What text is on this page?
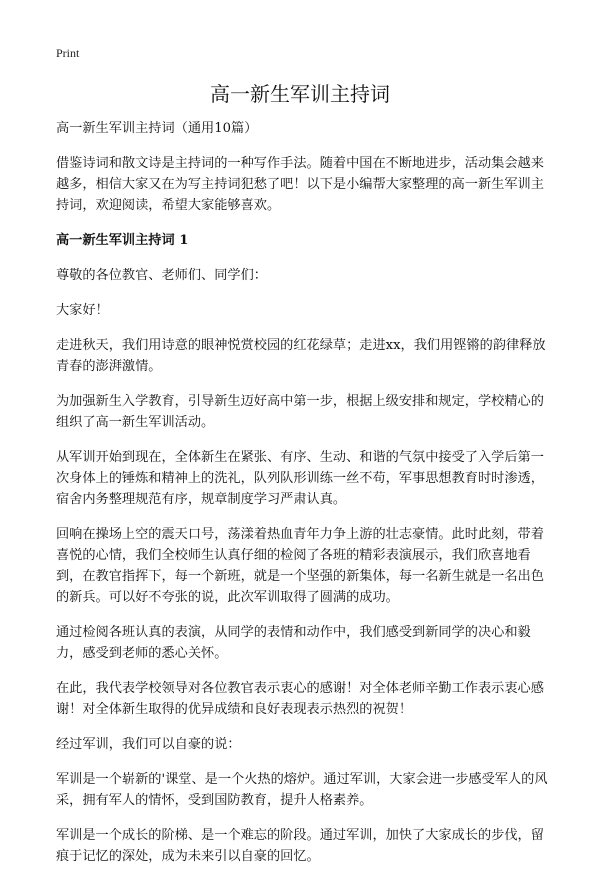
Print
高一新生军训主持词

高一新生军训主持词（通用10篇）

借鉴诗词和散文诗是主持词的一种写作手法。随着中国在不断地进步，活动集会越来越多，相信大家又在为写主持词犯愁了吧！以下是小编帮大家整理的高一新生军训主持词，欢迎阅读，希望大家能够喜欢。

高一新生军训主持词 1

尊敬的各位教官、老师们、同学们：

大家好！

走进秋天，我们用诗意的眼神悦赏校园的红花绿草；走进xx，我们用铿锵的韵律释放青春的澎湃激情。

为加强新生入学教育，引导新生迈好高中第一步，根据上级安排和规定，学校精心的组织了高一新生军训活动。

从军训开始到现在，全体新生在紧张、有序、生动、和谐的气氛中接受了入学后第一次身体上的锤炼和精神上的洗礼，队列队形训练一丝不苟，军事思想教育时时渗透，宿舍内务整理规范有序，规章制度学习严肃认真。

回响在操场上空的震天口号，荡漾着热血青年力争上游的壮志豪情。此时此刻，带着喜悦的心情，我们全校师生认真仔细的检阅了各班的精彩表演展示，我们欣喜地看到，在教官指挥下，每一个新班，就是一个坚强的新集体，每一名新生就是一名出色的新兵。可以好不夸张的说，此次军训取得了圆满的成功。

通过检阅各班认真的表演，从同学的表情和动作中，我们感受到新同学的决心和毅力，感受到老师的悉心关怀。

在此，我代表学校领导对各位教官表示衷心的感谢！对全体老师辛勤工作表示衷心感谢！对全体新生取得的优异成绩和良好表现表示热烈的祝贺！

经过军训，我们可以自豪的说：

军训是一个崭新的'课堂、是一个火热的熔炉。通过军训，大家会进一步感受军人的风采，拥有军人的情怀，受到国防教育，提升人格素养。

军训是一个成长的阶梯、是一个难忘的阶段。通过军训，加快了大家成长的步伐，留痕于记忆的深处，成为未来引以自豪的回忆。
